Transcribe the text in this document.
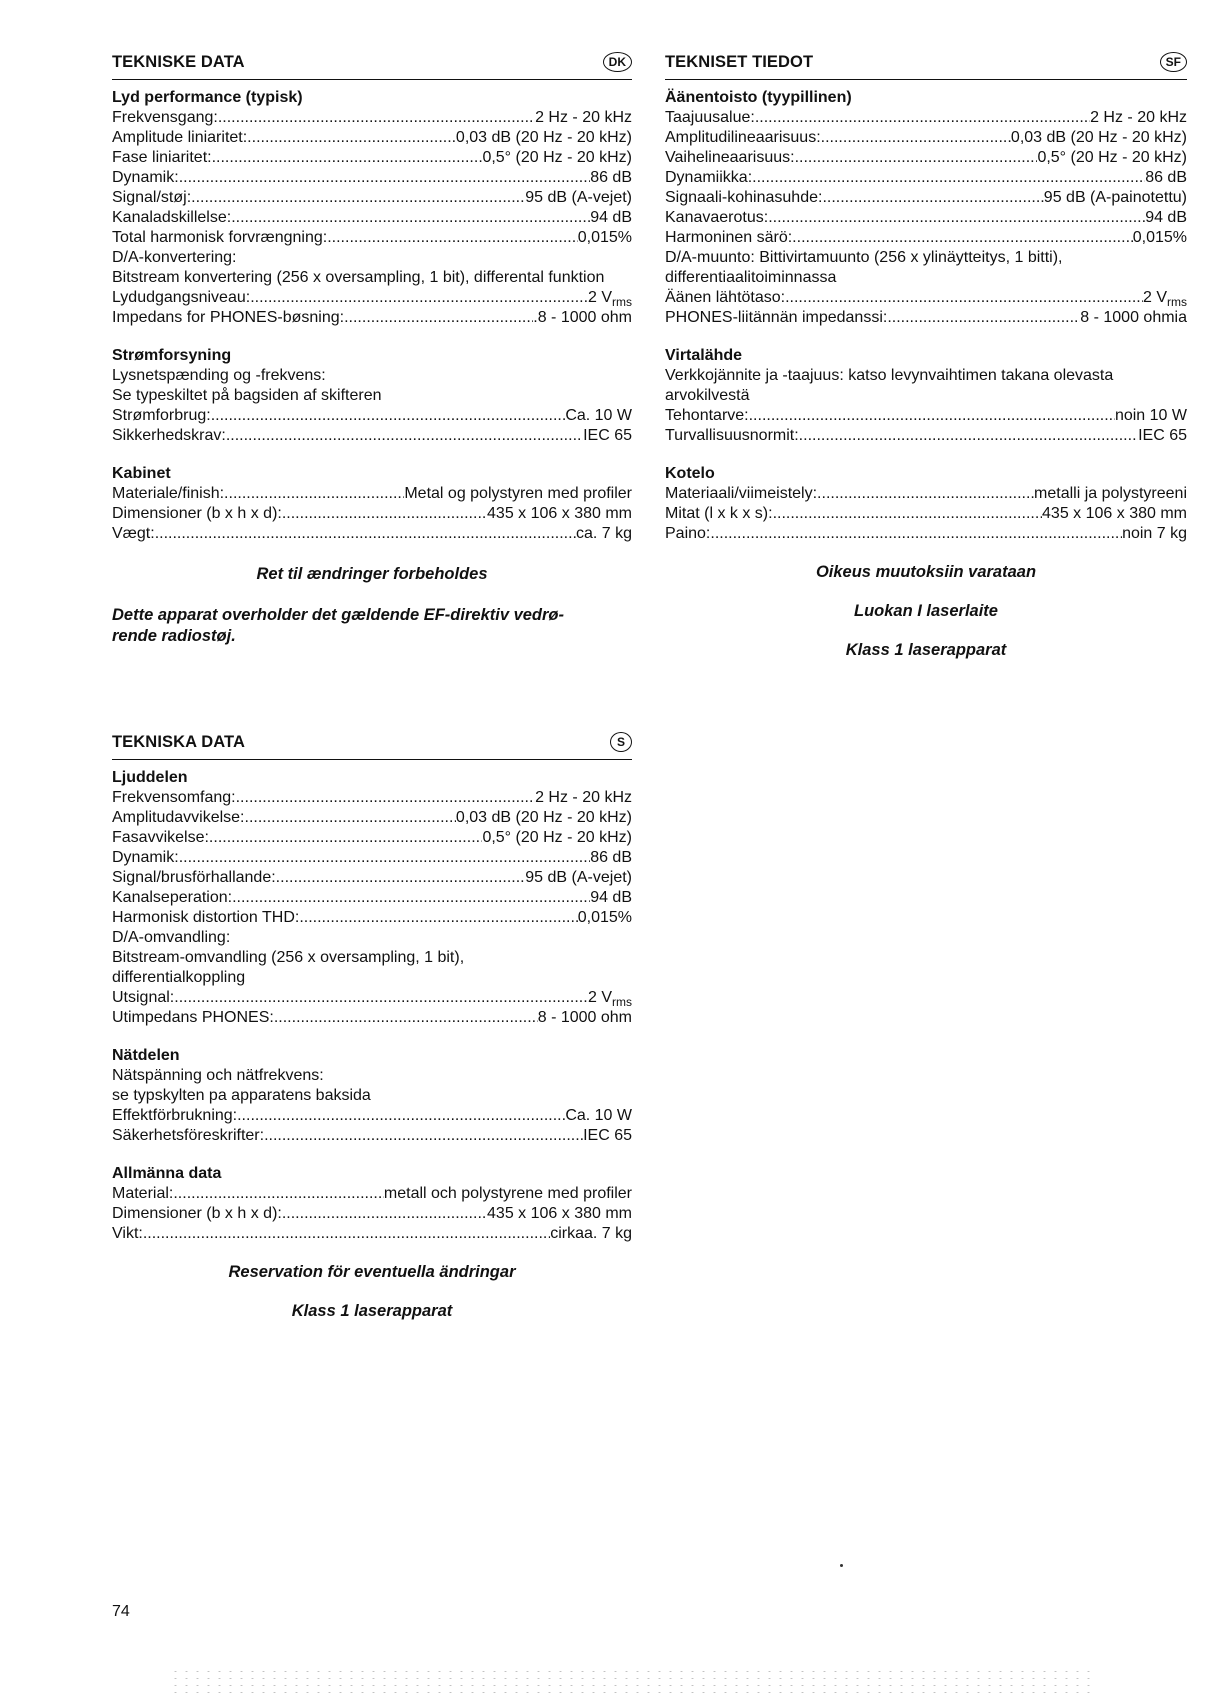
TEKNISKE DATA	DK
Lyd performance (typisk)
Frekvensgang: .....	2 Hz - 20 kHz
Amplitude liniaritet: .....	0,03 dB (20 Hz - 20 kHz)
Fase liniaritet: .....	0,5° (20 Hz - 20 kHz)
Dynamik: .....	86 dB
Signal/støj: .....	95 dB (A-vejet)
Kanaladskillelse: .....	94 dB
Total harmonisk forvrængning: .....	0,015%
D/A-konvertering:
Bitstream konvertering (256 x oversampling, 1 bit), differental funktion
Lydudgangsniveau: .....	2 $V_{rms}$
Impedans for PHONES-bøsning: .....	.8 - 1000 ohm
Strømforsyning
Lysnetspænding og -frekvens:
Se typeskiltet på bagsiden af skifteren
Strømforbrug: .....	Ca. 10 W
Sikkerhedskrav: .....	IEC 65
Kabinet
Materiale/finish: .....	Metal og polystyren med profiler
Dimensioner (b x h x d): .....	435 x 106 x 380 mm
Vægt: .....	ca. 7 kg
Ret til ændringer forbeholdes
Dette apparat overholder det gældende EF-direktiv vedrø-rende radiostøj.
TEKNISET TIEDOT	SF
Äänentoisto (tyypillinen)
Taajuusalue: .....	2 Hz - 20 kHz
Amplitudilineaarisuus: .....	0,03 dB (20 Hz - 20 kHz)
Vaihelineaarisuus: .....	0,5° (20 Hz - 20 kHz)
Dynamiikka: .....	86 dB
Signaali-kohinasuhde: .....	95 dB (A-painotettu)
Kanavaerotus: .....	94 dB
Harmoninen särö: .....	0,015%
D/A-muunto: Bittivirtamuunto (256 x ylinäytteitys, 1 bitti), differentiaalitoiminnassa
Äänen lähtötaso: .....	2 $V_{rms}$
PHONES-liitännän impedanssi: .....	8 - 1000 ohmia
Virtalähde
Verkkojännite ja -taajuus: katso levynvaihtimen takana olevasta arvokilvestä
Tehontarve: .....	noin 10 W
Turvallisuusnormit: .....	IEC 65
Kotelo
Materiaali/viimeistely: .....	metalli ja polystyreeni
Mitat (l x k x s): .....	435 x 106 x 380 mm
Paino: .....	noin 7 kg
Oikeus muutoksiin varataan
Luokan I laserlaite
Klass 1 laserapparat
TEKNISKA DATA	S
Ljuddelen
Frekvensomfang: .....	2 Hz - 20 kHz
Amplitudavvikelse: .....	0,03 dB (20 Hz - 20 kHz)
Fasavvikelse: .....	0,5° (20 Hz - 20 kHz)
Dynamik: .....	86 dB
Signal/brusförhallande: .....	95 dB (A-vejet)
Kanalseperation: .....	94 dB
Harmonisk distortion THD: .....	0,015%
D/A-omvandling:
Bitstream-omvandling (256 x oversampling, 1 bit), differentialkoppling
Utsignal: .....	2 $V_{rms}$
Utimpedans PHONES: .....	8 - 1000 ohm
Nätdelen
Nätspänning och nätfrekvens:
se typskylten pa apparatens baksida
Effektförbrukning: .....	Ca. 10 W
Säkerhetsföreskrifter: .....	IEC 65
Allmänna data
Material: .....	metall och polystyrene med profiler
Dimensioner (b x h x d): .....	435 x 106 x 380 mm
Vikt: .....	cirkaa. 7 kg
Reservation för eventuella ändringar
Klass 1 laserapparat
74
